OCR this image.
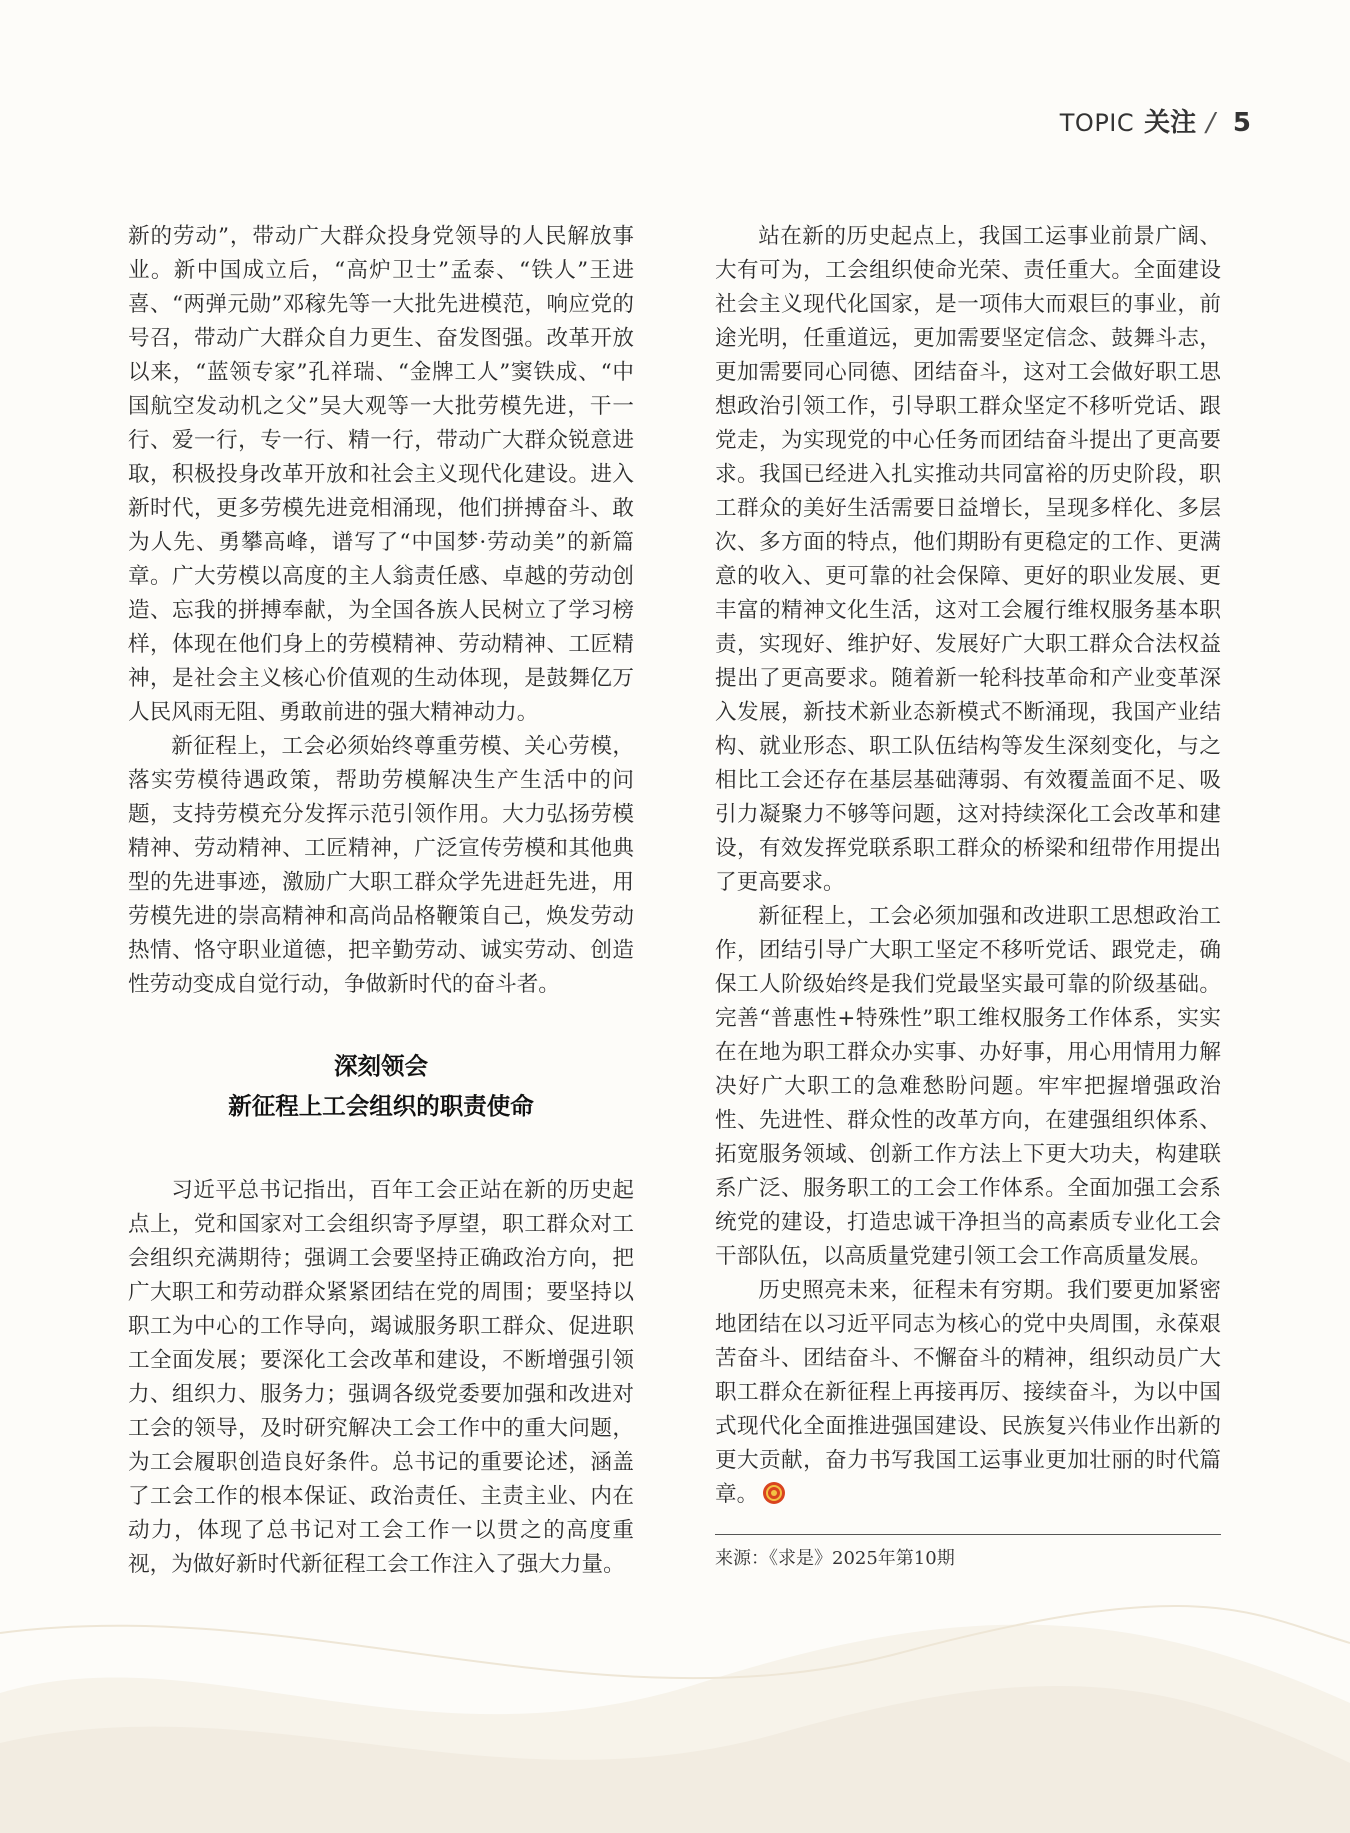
TOPIC 关注 / 5

新的劳动”，带动广大群众投身党领导的人民解放事业。新中国成立后，“高炉卫士”孟泰、“铁人”王进喜、“两弹元勋”邓稼先等一大批先进模范，响应党的号召，带动广大群众自力更生、奋发图强。改革开放以来，“蓝领专家”孔祥瑞、“金牌工人”窦铁成、“中国航空发动机之父”吴大观等一大批劳模先进，干一行、爱一行，专一行、精一行，带动广大群众锐意进取，积极投身改革开放和社会主义现代化建设。进入新时代，更多劳模先进竞相涌现，他们拼搏奋斗、敢为人先、勇攀高峰，谱写了“中国梦·劳动美”的新篇章。广大劳模以高度的主人翁责任感、卓越的劳动创造、忘我的拼搏奉献，为全国各族人民树立了学习榜样，体现在他们身上的劳模精神、劳动精神、工匠精神，是社会主义核心价值观的生动体现，是鼓舞亿万人民风雨无阻、勇敢前进的强大精神动力。

新征程上，工会必须始终尊重劳模、关心劳模，落实劳模待遇政策，帮助劳模解决生产生活中的问题，支持劳模充分发挥示范引领作用。大力弘扬劳模精神、劳动精神、工匠精神，广泛宣传劳模和其他典型的先进事迹，激励广大职工群众学先进赶先进，用劳模先进的崇高精神和高尚品格鞭策自己，焕发劳动热情、恪守职业道德，把辛勤劳动、诚实劳动、创造性劳动变成自觉行动，争做新时代的奋斗者。

深刻领会
新征程上工会组织的职责使命

习近平总书记指出，百年工会正站在新的历史起点上，党和国家对工会组织寄予厚望，职工群众对工会组织充满期待；强调工会要坚持正确政治方向，把广大职工和劳动群众紧紧团结在党的周围；要坚持以职工为中心的工作导向，竭诚服务职工群众、促进职工全面发展；要深化工会改革和建设，不断增强引领力、组织力、服务力；强调各级党委要加强和改进对工会的领导，及时研究解决工会工作中的重大问题，为工会履职创造良好条件。总书记的重要论述，涵盖了工会工作的根本保证、政治责任、主责主业、内在动力，体现了总书记对工会工作一以贯之的高度重视，为做好新时代新征程工会工作注入了强大力量。

站在新的历史起点上，我国工运事业前景广阔、大有可为，工会组织使命光荣、责任重大。全面建设社会主义现代化国家，是一项伟大而艰巨的事业，前途光明，任重道远，更加需要坚定信念、鼓舞斗志，更加需要同心同德、团结奋斗，这对工会做好职工思想政治引领工作，引导职工群众坚定不移听党话、跟党走，为实现党的中心任务而团结奋斗提出了更高要求。我国已经进入扎实推动共同富裕的历史阶段，职工群众的美好生活需要日益增长，呈现多样化、多层次、多方面的特点，他们期盼有更稳定的工作、更满意的收入、更可靠的社会保障、更好的职业发展、更丰富的精神文化生活，这对工会履行维权服务基本职责，实现好、维护好、发展好广大职工群众合法权益提出了更高要求。随着新一轮科技革命和产业变革深入发展，新技术新业态新模式不断涌现，我国产业结构、就业形态、职工队伍结构等发生深刻变化，与之相比工会还存在基层基础薄弱、有效覆盖面不足、吸引力凝聚力不够等问题，这对持续深化工会改革和建设，有效发挥党联系职工群众的桥梁和纽带作用提出了更高要求。

新征程上，工会必须加强和改进职工思想政治工作，团结引导广大职工坚定不移听党话、跟党走，确保工人阶级始终是我们党最坚实最可靠的阶级基础。完善“普惠性+特殊性”职工维权服务工作体系，实实在在地为职工群众办实事、办好事，用心用情用力解决好广大职工的急难愁盼问题。牢牢把握增强政治性、先进性、群众性的改革方向，在建强组织体系、拓宽服务领域、创新工作方法上下更大功夫，构建联系广泛、服务职工的工会工作体系。全面加强工会系统党的建设，打造忠诚干净担当的高素质专业化工会干部队伍，以高质量党建引领工会工作高质量发展。

历史照亮未来，征程未有穷期。我们要更加紧密地团结在以习近平同志为核心的党中央周围，永葆艰苦奋斗、团结奋斗、不懈奋斗的精神，组织动员广大职工群众在新征程上再接再厉、接续奋斗，为以中国式现代化全面推进强国建设、民族复兴伟业作出新的更大贡献，奋力书写我国工运事业更加壮丽的时代篇章。

来源：《求是》2025年第10期
